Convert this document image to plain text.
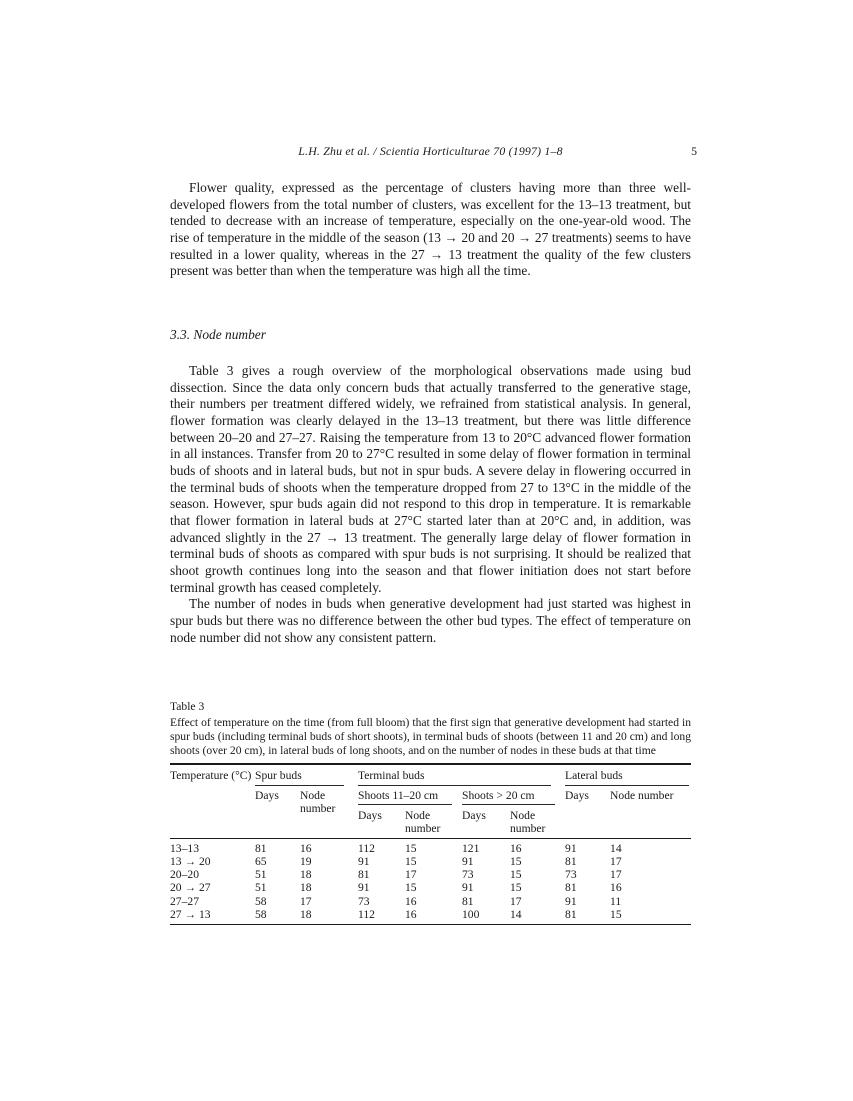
L.H. Zhu et al. / Scientia Horticulturae 70 (1997) 1–8	5

Flower quality, expressed as the percentage of clusters having more than three well-developed flowers from the total number of clusters, was excellent for the 13–13 treatment, but tended to decrease with an increase of temperature, especially on the one-year-old wood. The rise of temperature in the middle of the season (13 → 20 and 20 → 27 treatments) seems to have resulted in a lower quality, whereas in the 27 → 13 treatment the quality of the few clusters present was better than when the temperature was high all the time.

3.3. Node number

Table 3 gives a rough overview of the morphological observations made using bud dissection. Since the data only concern buds that actually transferred to the generative stage, their numbers per treatment differed widely, we refrained from statistical analysis. In general, flower formation was clearly delayed in the 13–13 treatment, but there was little difference between 20–20 and 27–27. Raising the temperature from 13 to 20°C advanced flower formation in all instances. Transfer from 20 to 27°C resulted in some delay of flower formation in terminal buds of shoots and in lateral buds, but not in spur buds. A severe delay in flowering occurred in the terminal buds of shoots when the temperature dropped from 27 to 13°C in the middle of the season. However, spur buds again did not respond to this drop in temperature. It is remarkable that flower formation in lateral buds at 27°C started later than at 20°C and, in addition, was advanced slightly in the 27 → 13 treatment. The generally large delay of flower formation in terminal buds of shoots as compared with spur buds is not surprising. It should be realized that shoot growth continues long into the season and that flower initiation does not start before terminal growth has ceased completely.

The number of nodes in buds when generative development had just started was highest in spur buds but there was no difference between the other bud types. The effect of temperature on node number did not show any consistent pattern.

Table 3
Effect of temperature on the time (from full bloom) that the first sign that generative development had started in spur buds (including terminal buds of short shoots), in terminal buds of shoots (between 11 and 20 cm) and long shoots (over 20 cm), in lateral buds of long shoots, and on the number of nodes in these buds at that time
Temperature (°C)	Spur buds		Terminal buds				Lateral buds	
	Days	Node number	Shoots 11–20 cm		Shoots > 20 cm		Days	Node number
			Days	Node number	Days	Node number		
13–13	81	16	112	15	121	16	91	14
13 → 20	65	19	91	15	91	15	81	17
20–20	51	18	81	17	73	15	73	17
20 → 27	51	18	91	15	91	15	81	16
27–27	58	17	73	16	81	17	91	11
27 → 13	58	18	112	16	100	14	81	15
